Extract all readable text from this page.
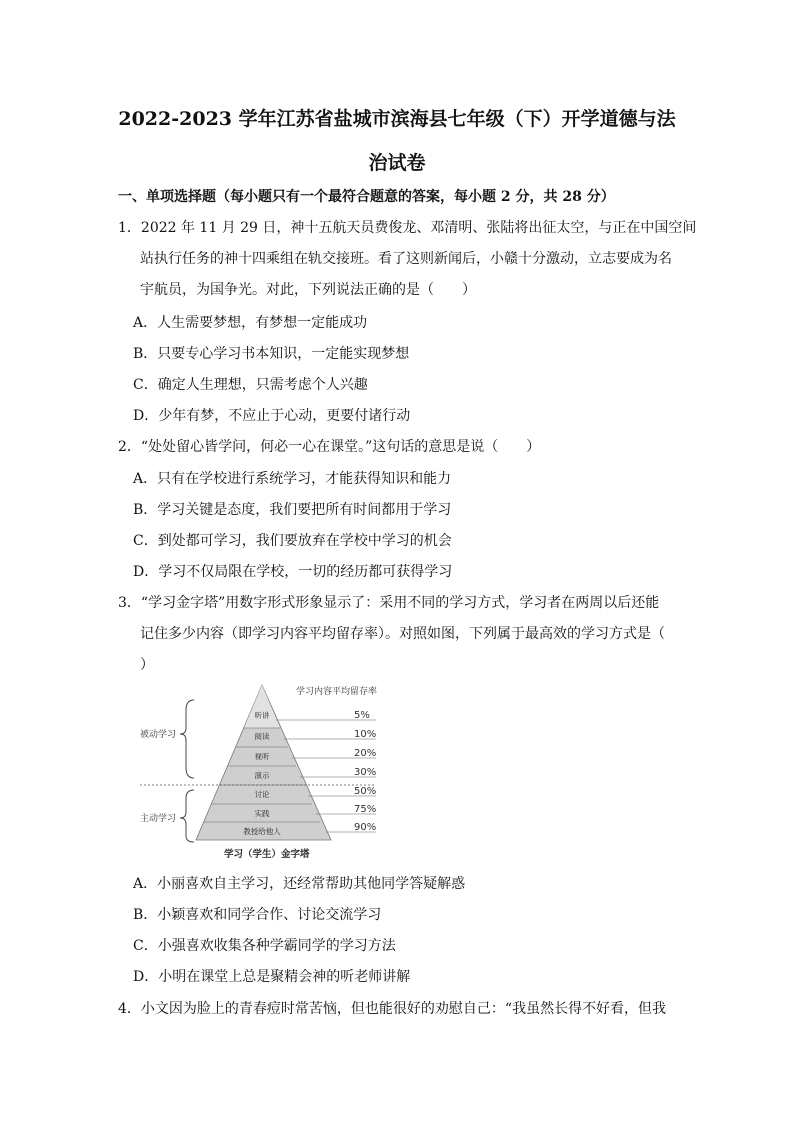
2022-2023 学年江苏省盐城市滨海县七年级（下）开学道德与法
治试卷
一、单项选择题（每小题只有一个最符合题意的答案，每小题 2 分，共 28 分）
1．2022 年 11 月 29 日，神十五航天员费俊龙、邓清明、张陆将出征太空，与正在中国空间
站执行任务的神十四乘组在轨交接班。看了这则新闻后，小赣十分激动，立志要成为名
宇航员，为国争光。对此，下列说法正确的是（　　）
A．人生需要梦想，有梦想一定能成功
B．只要专心学习书本知识，一定能实现梦想
C．确定人生理想，只需考虑个人兴趣
D．少年有梦，不应止于心动，更要付诸行动
2．“处处留心皆学问，何必一心在课堂。”这句话的意思是说（　　）
A．只有在学校进行系统学习，才能获得知识和能力
B．学习关键是态度，我们要把所有时间都用于学习
C．到处都可学习，我们要放弃在学校中学习的机会
D．学习不仅局限在学校，一切的经历都可获得学习
3．“学习金字塔”用数字形式形象显示了：采用不同的学习方式，学习者在两周以后还能
记住多少内容（即学习内容平均留存率）。对照如图，下列属于最高效的学习方式是（
）
学习内容平均留存率
听讲
阅读
视听
演示
讨论
实践
教授给他人
5%
10%
20%
30%
50%
75%
90%
被动学习
主动学习
学习（学生）金字塔
A．小丽喜欢自主学习，还经常帮助其他同学答疑解惑
B．小颖喜欢和同学合作、讨论交流学习
C．小强喜欢收集各种学霸同学的学习方法
D．小明在课堂上总是聚精会神的听老师讲解
4．小文因为脸上的青春痘时常苦恼，但也能很好的劝慰自己：“我虽然长得不好看，但我
